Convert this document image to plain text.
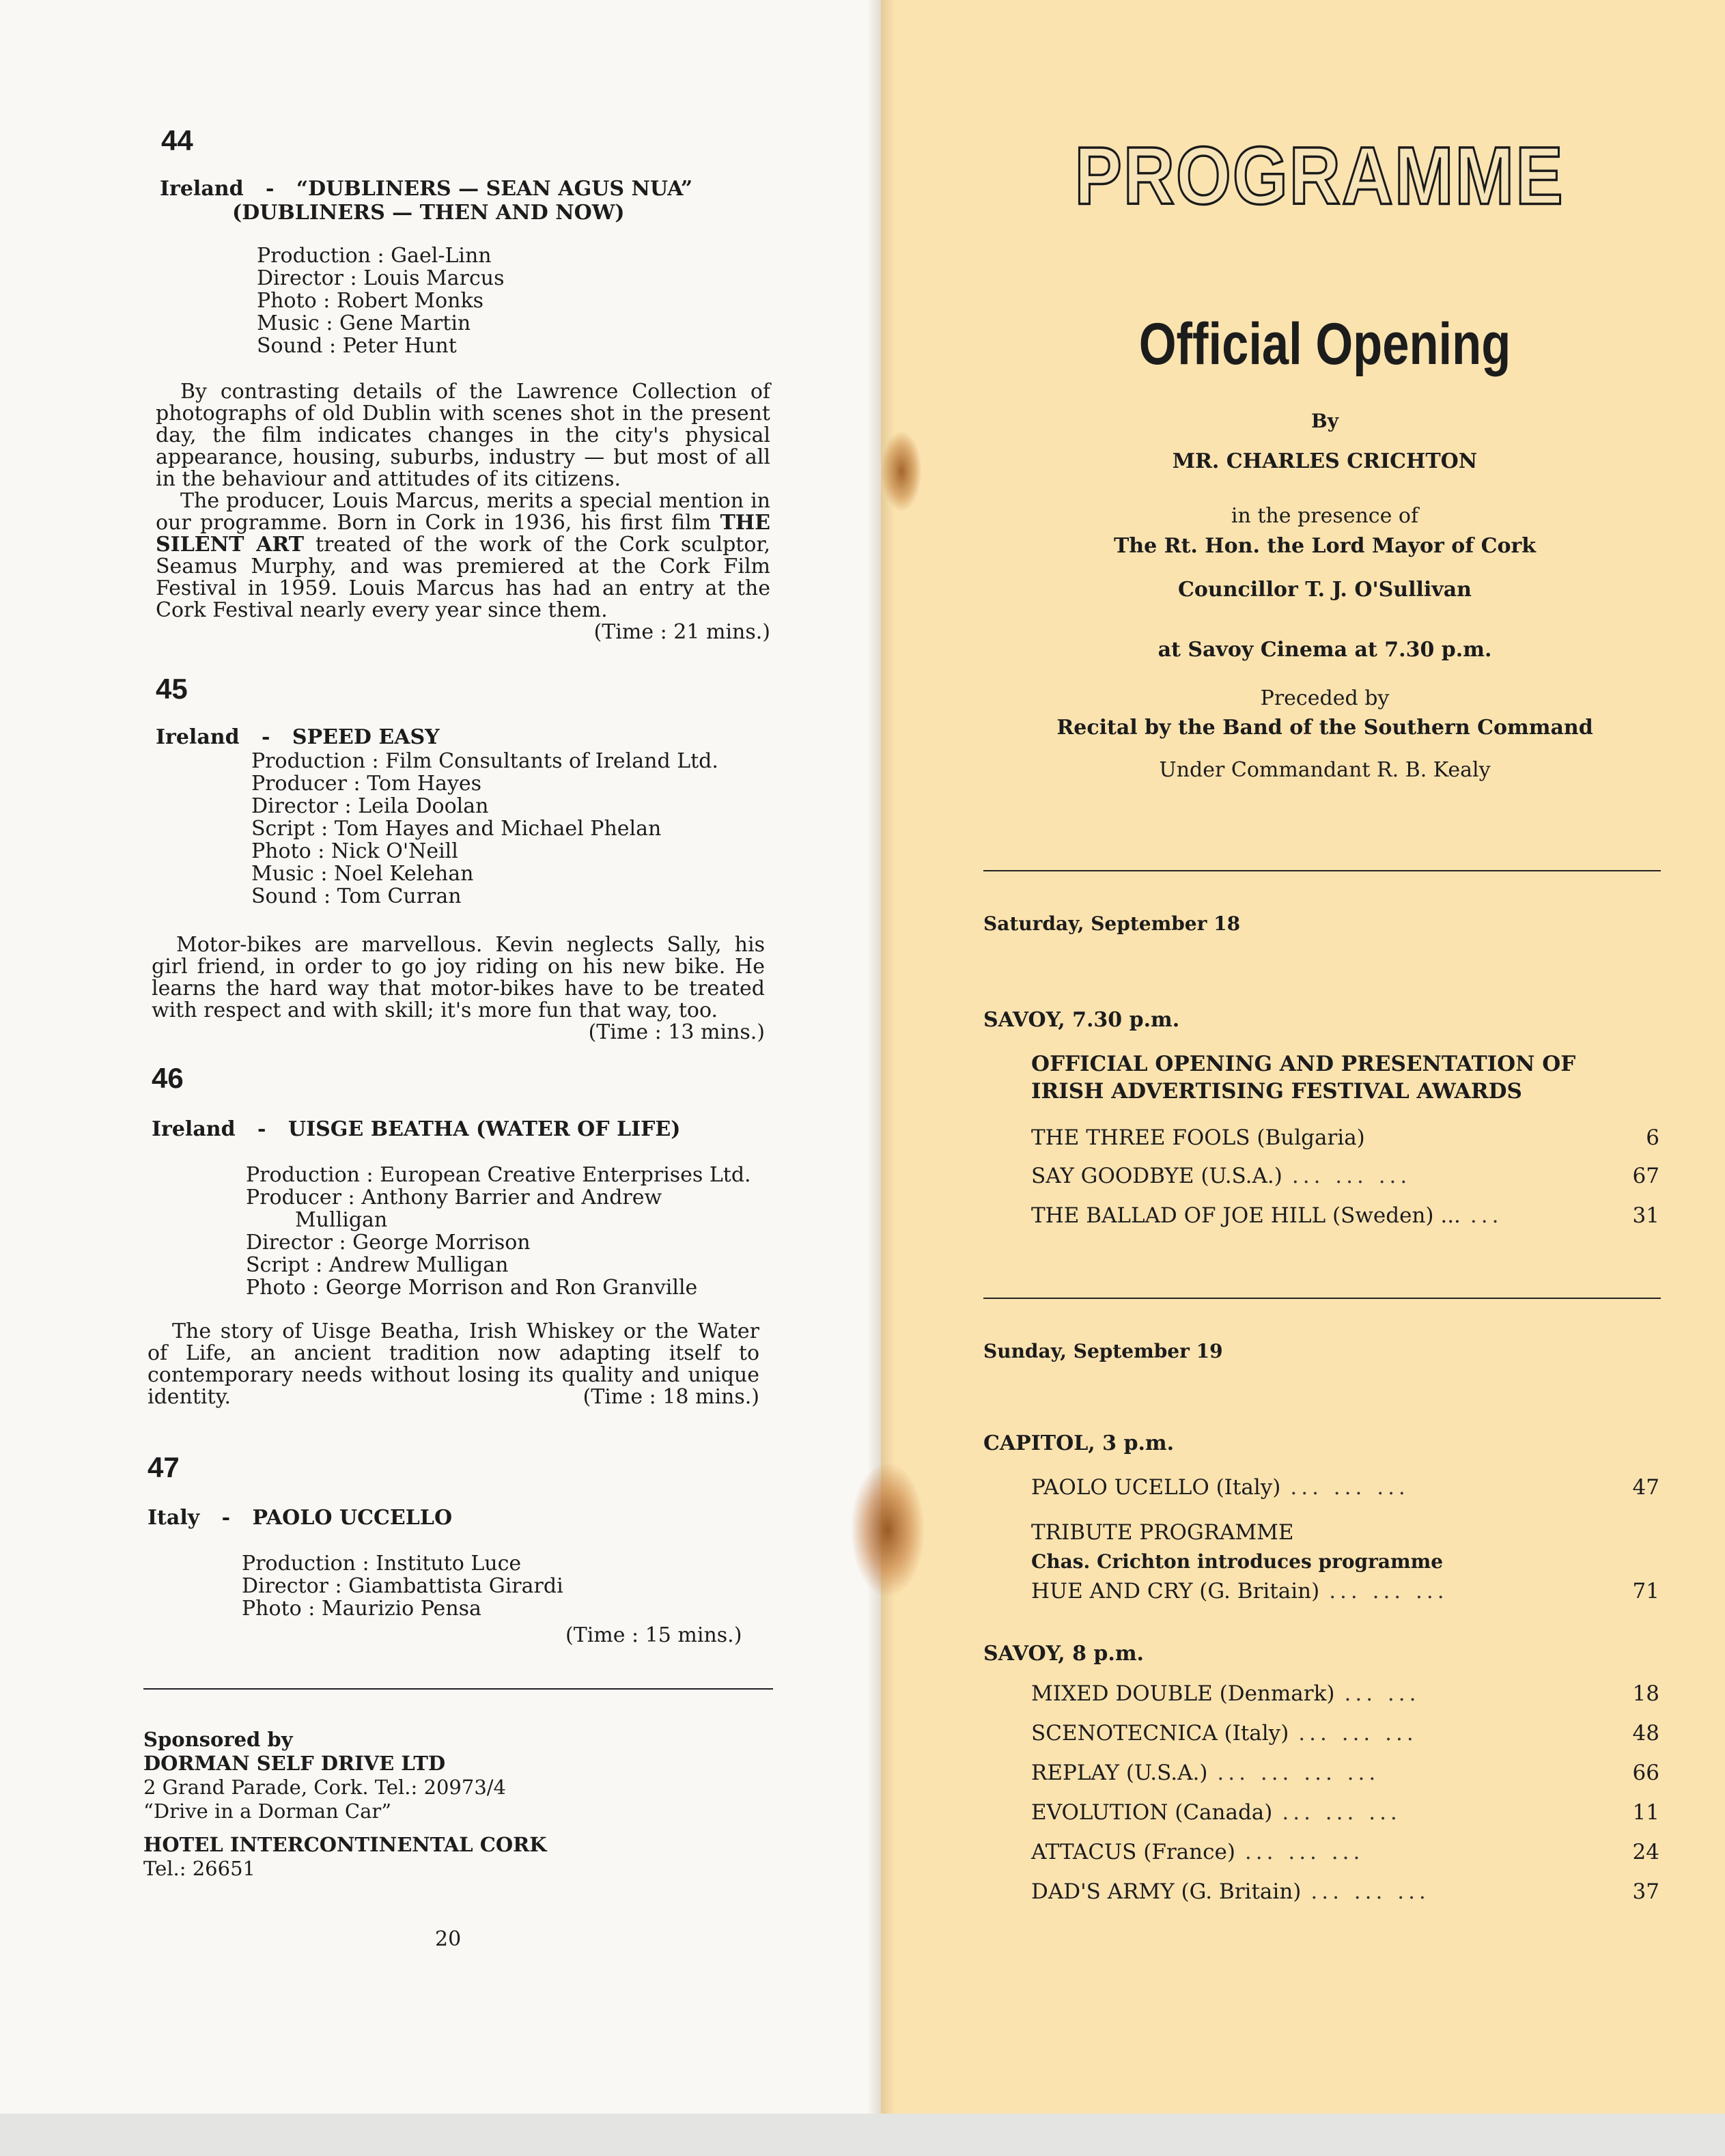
44
Ireland - “DUBLINERS — SEAN AGUS NUA”
(DUBLINERS — THEN AND NOW)
Production : Gael-Linn
Director : Louis Marcus
Photo : Robert Monks
Music : Gene Martin
Sound : Peter Hunt

By contrasting details of the Lawrence Collection of photographs of old Dublin with scenes shot in the present day, the film indicates changes in the city's physical appearance, housing, suburbs, industry — but most of all in the behaviour and attitudes of its citizens.

The producer, Louis Marcus, merits a special mention in our programme. Born in Cork in 1936, his first film THE SILENT ART treated of the work of the Cork sculptor, Seamus Murphy, and was premiered at the Cork Film Festival in 1959. Louis Marcus has had an entry at the Cork Festival nearly every year since them.

(Time : 21 mins.)

45
Ireland - SPEED EASY
Production : Film Consultants of Ireland Ltd.
Producer : Tom Hayes
Director : Leila Doolan
Script : Tom Hayes and Michael Phelan
Photo : Nick O'Neill
Music : Noel Kelehan
Sound : Tom Curran

Motor-bikes are marvellous. Kevin neglects Sally, his girl friend, in order to go joy riding on his new bike. He learns the hard way that motor-bikes have to be treated with respect and with skill; it's more fun that way, too.

(Time : 13 mins.)

46
Ireland - UISGE BEATHA (WATER OF LIFE)
Production : European Creative Enterprises Ltd.
Producer : Anthony Barrier and Andrew
Mulligan
Director : George Morrison
Script : Andrew Mulligan
Photo : George Morrison and Ron Granville

The story of Uisge Beatha, Irish Whiskey or the Water of Life, an ancient tradition now adapting itself to contemporary needs without losing its quality and unique identity.	(Time : 18 mins.)

47
Italy - PAOLO UCCELLO
Production : Instituto Luce
Director : Giambattista Girardi
Photo : Maurizio Pensa
(Time : 15 mins.)
Sponsored by
DORMAN SELF DRIVE LTD
2 Grand Parade, Cork. Tel.: 20973/4
“Drive in a Dorman Car”
HOTEL INTERCONTINENTAL CORK
Tel.: 26651
20
PROGRAMME
Official Opening
By
MR. CHARLES CRICHTON
in the presence of
The Rt. Hon. the Lord Mayor of Cork
Councillor T. J. O'Sullivan
at Savoy Cinema at 7.30 p.m.
Preceded by
Recital by the Band of the Southern Command
Under Commandant R. B. Kealy
Saturday, September 18
SAVOY, 7.30 p.m.
OFFICIAL OPENING AND PRESENTATION OF
IRISH ADVERTISING FESTIVAL AWARDS
THE THREE FOOLS (Bulgaria)	6
SAY GOODBYE (U.S.A.) ... ... ...	67
THE BALLAD OF JOE HILL (Sweden) ... ...	31
Sunday, September 19
CAPITOL, 3 p.m.
PAOLO UCELLO (Italy) ... ... ...	47
TRIBUTE PROGRAMME
Chas. Crichton introduces programme
HUE AND CRY (G. Britain) ... ... ...	71
SAVOY, 8 p.m.
MIXED DOUBLE (Denmark) ... ...	18
SCENOTECNICA (Italy) ... ... ...	48
REPLAY (U.S.A.) ... ... ... ...	66
EVOLUTION (Canada) ... ... ...	11
ATTACUS (France) ... ... ...	24
DAD'S ARMY (G. Britain) ... ... ...	37
